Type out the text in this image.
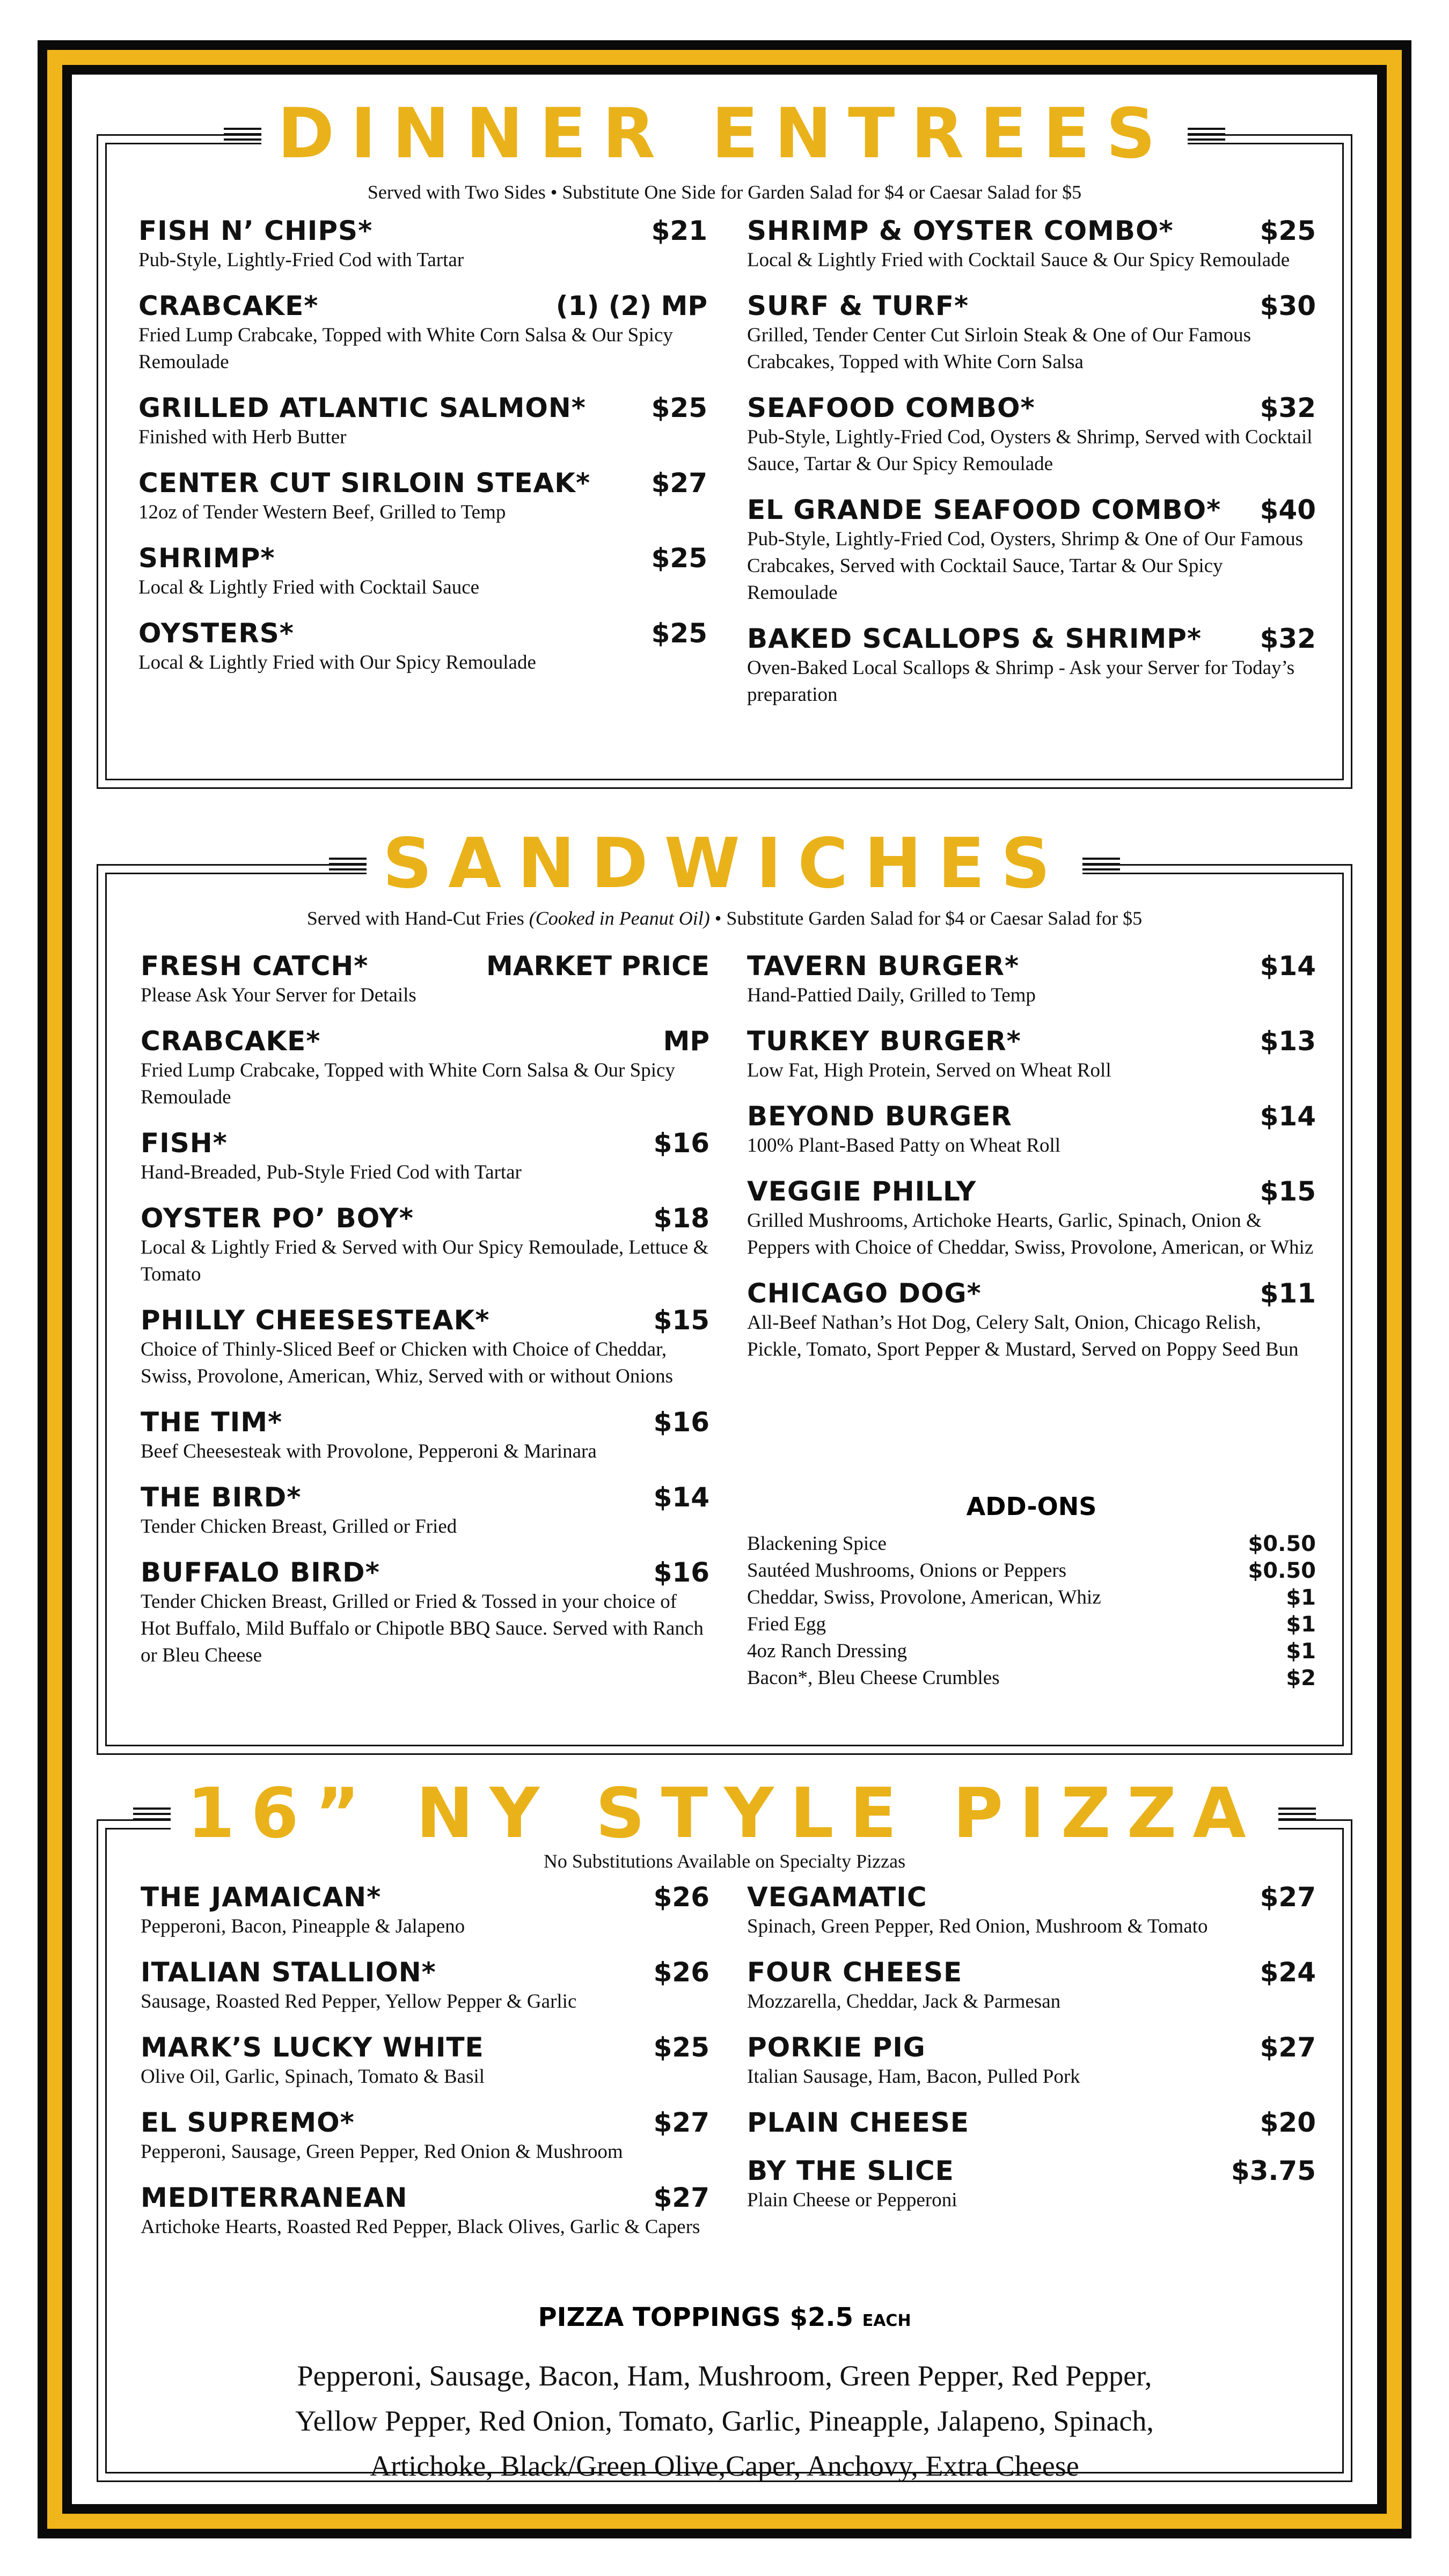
DINNER ENTREES
Served with Two Sides • Substitute One Side for Garden Salad for $4 or Caesar Salad for $5
FISH N’ CHIPS*	$21
Pub-Style, Lightly-Fried Cod with Tartar
CRABCAKE*	(1) (2) MP
Fried Lump Crabcake, Topped with White Corn Salsa & Our Spicy Remoulade
GRILLED ATLANTIC SALMON* $25
Finished with Herb Butter
CENTER CUT SIRLOIN STEAK* $27
12oz of Tender Western Beef, Grilled to Temp
SHRIMP*	$25
Local & Lightly Fried with Cocktail Sauce
OYSTERS*	$25
Local & Lightly Fried with Our Spicy Remoulade
SHRIMP & OYSTER COMBO*	$25
Local & Lightly Fried with Cocktail Sauce & Our Spicy Remoulade
SURF & TURF*	$30
Grilled, Tender Center Cut Sirloin Steak & One of Our Famous Crabcakes, Topped with White Corn Salsa
SEAFOOD COMBO*	$32
Pub-Style, Lightly-Fried Cod, Oysters & Shrimp, Served with Cocktail Sauce, Tartar & Our Spicy Remoulade
EL GRANDE SEAFOOD COMBO* $40
Pub-Style, Lightly-Fried Cod, Oysters, Shrimp & One of Our Famous Crabcakes, Served with Cocktail Sauce, Tartar & Our Spicy Remoulade
BAKED SCALLOPS & SHRIMP* $32
Oven-Baked Local Scallops & Shrimp - Ask your Server for Today’s preparation
SANDWICHES
Served with Hand-Cut Fries (Cooked in Peanut Oil) • Substitute Garden Salad for $4 or Caesar Salad for $5
FRESH CATCH*	MARKET PRICE
Please Ask Your Server for Details
CRABCAKE*	MP
Fried Lump Crabcake, Topped with White Corn Salsa & Our Spicy Remoulade
FISH*	$16
Hand-Breaded, Pub-Style Fried Cod with Tartar
OYSTER PO’ BOY*	$18
Local & Lightly Fried & Served with Our Spicy Remoulade, Lettuce & Tomato
PHILLY CHEESESTEAK*	$15
Choice of Thinly-Sliced Beef or Chicken with Choice of Cheddar, Swiss, Provolone, American, Whiz, Served with or without Onions
THE TIM*	$16
Beef Cheesesteak with Provolone, Pepperoni & Marinara
THE BIRD*	$14
Tender Chicken Breast, Grilled or Fried
BUFFALO BIRD*	$16
Tender Chicken Breast, Grilled or Fried & Tossed in your choice of Hot Buffalo, Mild Buffalo or Chipotle BBQ Sauce. Served with Ranch or Bleu Cheese
TAVERN BURGER*	$14
Hand-Pattied Daily, Grilled to Temp
TURKEY BURGER*	$13
Low Fat, High Protein, Served on Wheat Roll
BEYOND BURGER	$14
100% Plant-Based Patty on Wheat Roll
VEGGIE PHILLY	$15
Grilled Mushrooms, Artichoke Hearts, Garlic, Spinach, Onion & Peppers with Choice of Cheddar, Swiss, Provolone, American, or Whiz
CHICAGO DOG*	$11
All-Beef Nathan’s Hot Dog, Celery Salt, Onion, Chicago Relish, Pickle, Tomato, Sport Pepper & Mustard, Served on Poppy Seed Bun
ADD-ONS
Blackening Spice	$0.50
Sautéed Mushrooms, Onions or Peppers	$0.50
Cheddar, Swiss, Provolone, American, Whiz	$1
Fried Egg	$1
4oz Ranch Dressing	$1
Bacon*, Bleu Cheese Crumbles	$2
16” NY STYLE PIZZA
No Substitutions Available on Specialty Pizzas
THE JAMAICAN*	$26
Pepperoni, Bacon, Pineapple & Jalapeno
ITALIAN STALLION*	$26
Sausage, Roasted Red Pepper, Yellow Pepper & Garlic
MARK’S LUCKY WHITE	$25
Olive Oil, Garlic, Spinach, Tomato & Basil
EL SUPREMO*	$27
Pepperoni, Sausage, Green Pepper, Red Onion & Mushroom
MEDITERRANEAN	$27
Artichoke Hearts, Roasted Red Pepper, Black Olives, Garlic & Capers
VEGAMATIC	$27
Spinach, Green Pepper, Red Onion, Mushroom & Tomato
FOUR CHEESE	$24
Mozzarella, Cheddar, Jack & Parmesan
PORKIE PIG	$27
Italian Sausage, Ham, Bacon, Pulled Pork
PLAIN CHEESE	$20
BY THE SLICE	$3.75
Plain Cheese or Pepperoni
PIZZA TOPPINGS $2.5 EACH
Pepperoni, Sausage, Bacon, Ham, Mushroom, Green Pepper, Red Pepper,
Yellow Pepper, Red Onion, Tomato, Garlic, Pineapple, Jalapeno, Spinach,
Artichoke, Black/Green Olive,Caper, Anchovy, Extra Cheese
